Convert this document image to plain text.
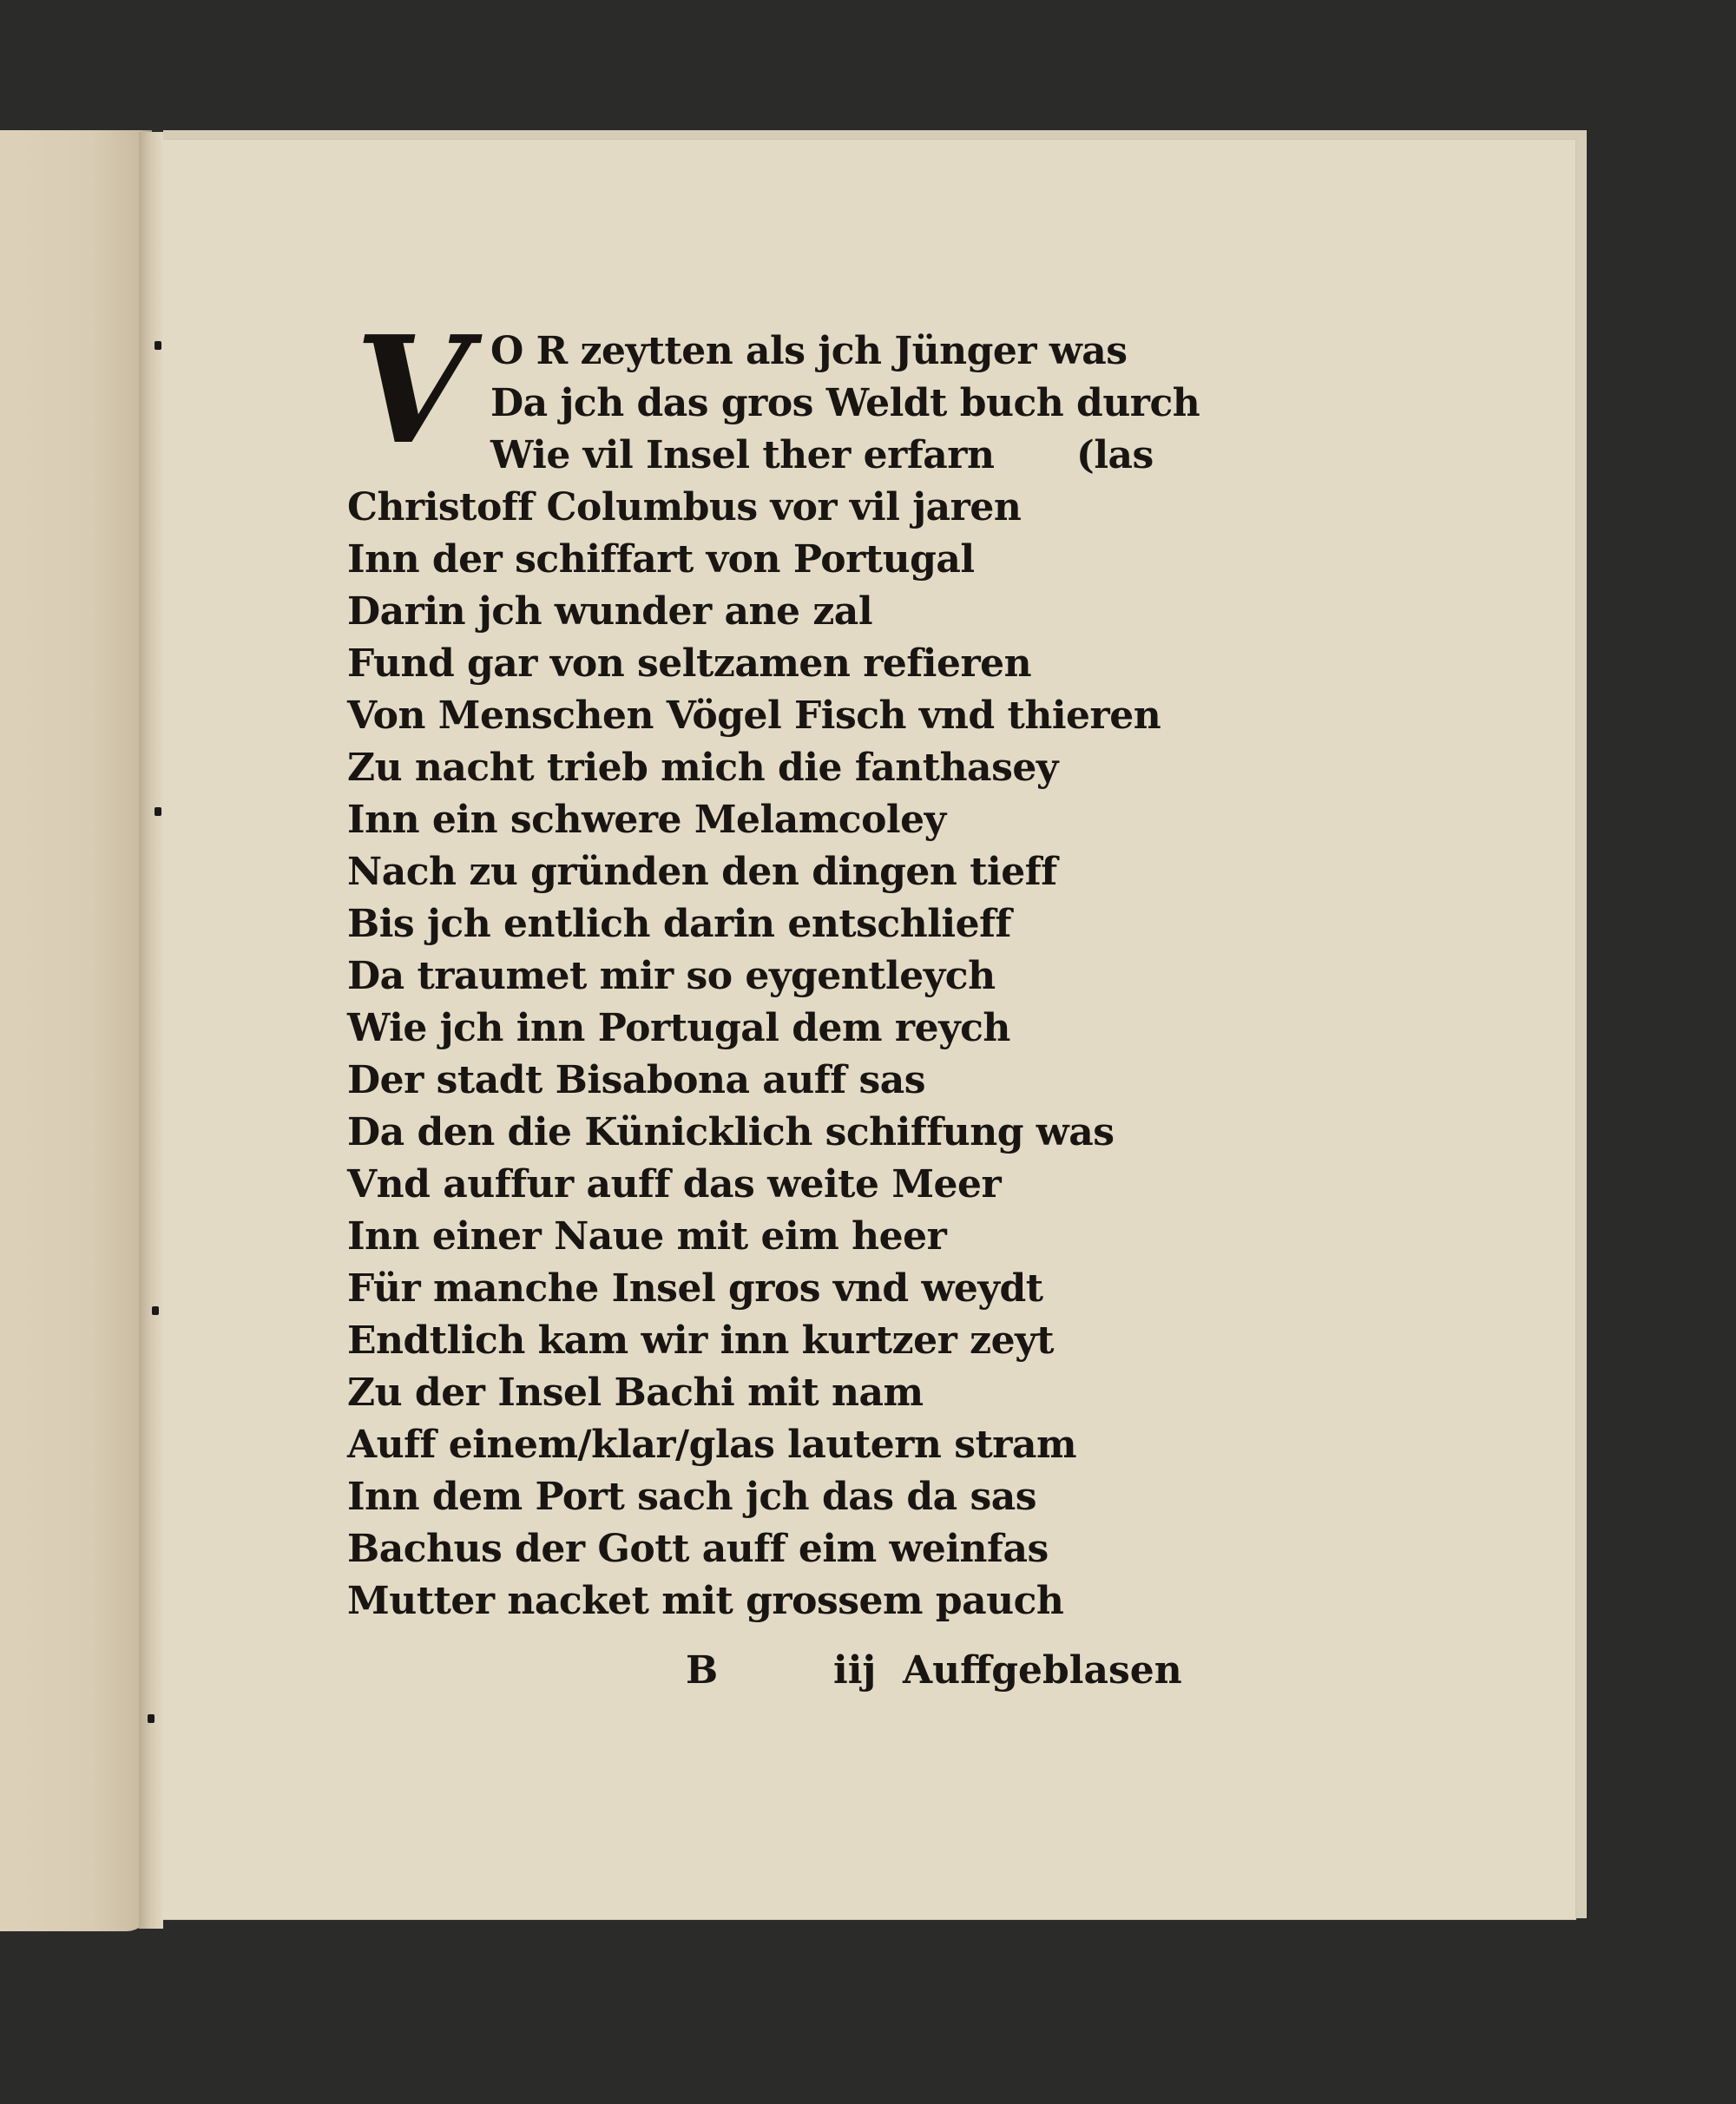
V O R zeytten als jch Jünger was
Da jch das gros Weldt buch durch
Wie vil Insel ther erfarn	(las
Christoff Columbus vor vil jaren
Inn der schiffart von Portugal
Darin jch wunder ane zal
Fund gar von seltzamen refieren
Von Menschen Vögel Fisch vnd thieren
Zu nacht trieb mich die fanthasey
Inn ein schwere Melamcoley
Nach zu gründen den dingen tieff
Bis jch entlich darin entschlieff
Da traumet mir so eygentleych
Wie jch inn Portugal dem reych
Der stadt Bisabona auff sas
Da den die Künicklich schiffung was
Vnd auffur auff das weite Meer
Inn einer Naue mit eim heer
Für manche Insel gros vnd weydt
Endtlich kam wir inn kurtzer zeyt
Zu der Insel Bachi mit nam
Auff einem/klar/glas lautern stram
Inn dem Port sach jch das da sas
Bachus der Gott auff eim weinfas
Mutter nacket mit grossem pauch
B	iij Auffgeblasen
